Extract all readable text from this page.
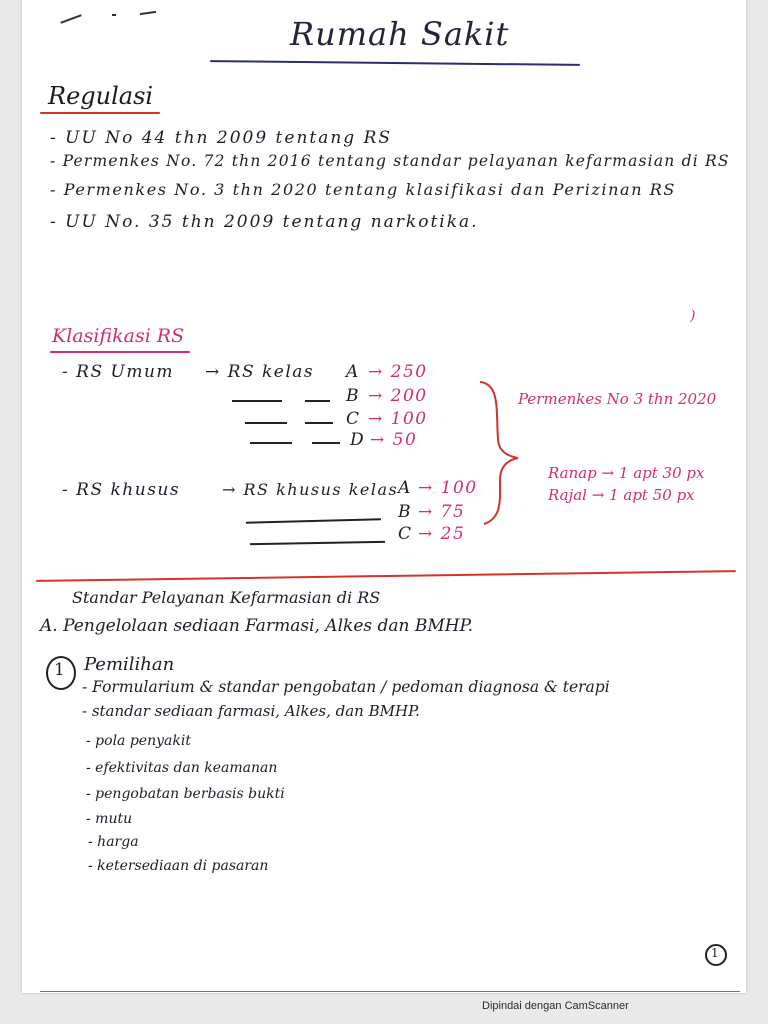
Rumah Sakit
Regulasi
- UU No 44 thn 2009 tentang RS
- Permenkes No. 72 thn 2016 tentang standar pelayanan kefarmasian di RS
- Permenkes No. 3 thn 2020 tentang klasifikasi dan Perizinan RS
- UU No. 35 thn 2009 tentang narkotika.
)
Klasifikasi RS
- RS Umum → RS kelas A → 250
B → 200
C → 100
D → 50
- RS khusus	→ RS khusus kelas A → 100
B → 75
C → 25
Permenkes No 3 thn 2020
Ranap → 1 apt 30 px
Rajal → 1 apt 50 px
Standar Pelayanan Kefarmasian di RS
A. Pengelolaan sediaan Farmasi, Alkes dan BMHP.
1 Pemilihan
- Formularium & standar pengobatan / pedoman diagnosa & terapi
- standar sediaan farmasi, Alkes, dan BMHP.
- pola penyakit
- efektivitas dan keamanan
- pengobatan berbasis bukti
- mutu
- harga
- ketersediaan di pasaran
1
Dipindai dengan CamScanner
